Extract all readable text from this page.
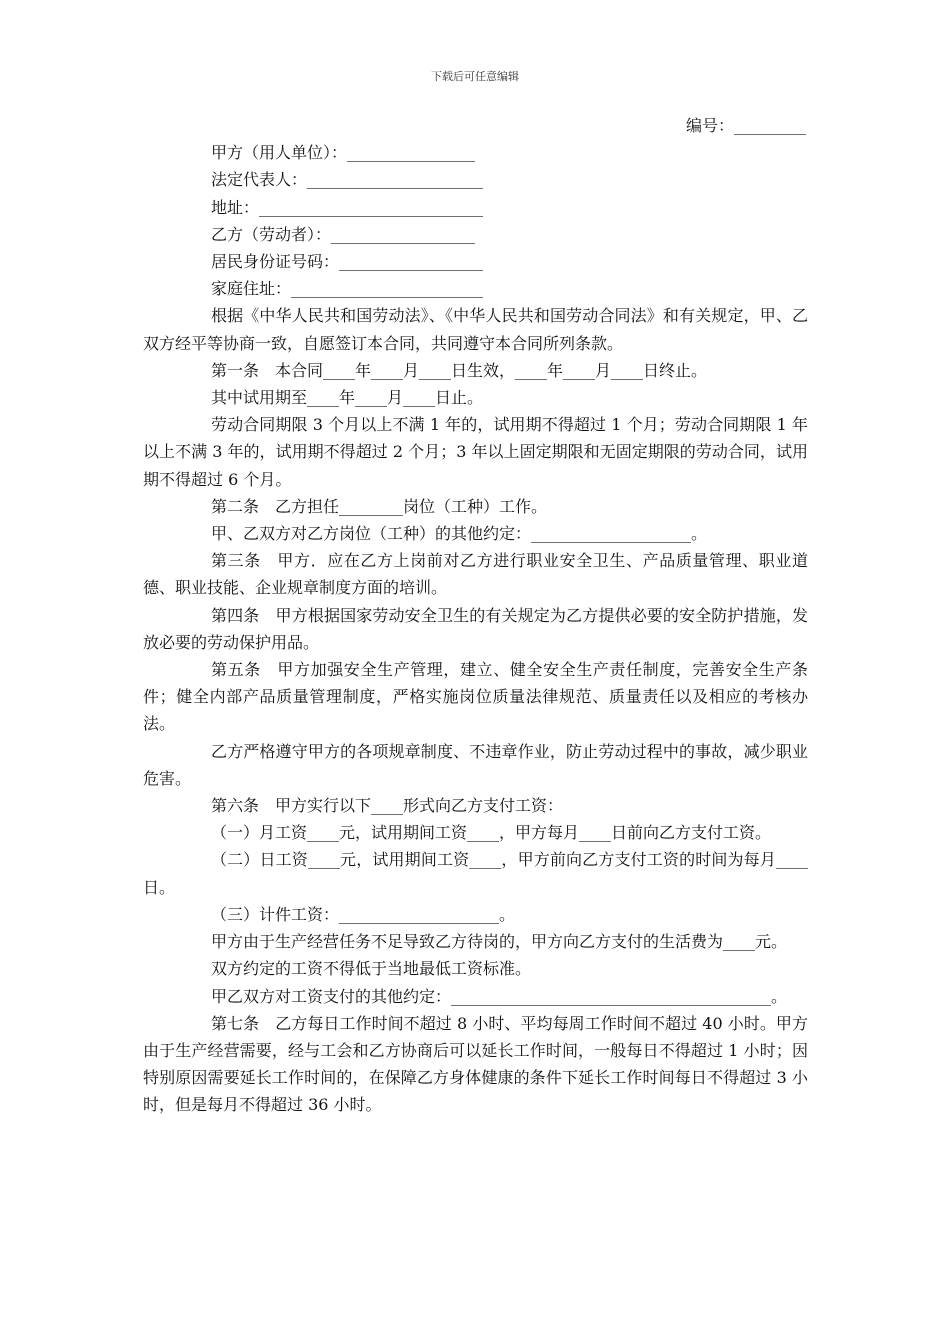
下载后可任意编辑
编号：_________
甲方（用人单位）：________________
法定代表人：______________________
地址：____________________________
乙方（劳动者）：__________________
居民身份证号码：__________________
家庭住址：________________________

根据《中华人民共和国劳动法》、《中华人民共和国劳动合同法》和有关规定，甲、乙双方经平等协商一致，自愿签订本合同，共同遵守本合同所列条款。

第一条　本合同____年____月____日生效，____年____月____日终止。

其中试用期至____年____月____日止。

劳动合同期限 3 个月以上不满 1 年的，试用期不得超过 1 个月；劳动合同期限 1 年以上不满 3 年的，试用期不得超过 2 个月；3 年以上固定期限和无固定期限的劳动合同，试用期不得超过 6 个月。

第二条　乙方担任________岗位（工种）工作。

甲、乙双方对乙方岗位（工种）的其他约定：____________________。

第三条　甲方．应在乙方上岗前对乙方进行职业安全卫生、产品质量管理、职业道德、职业技能、企业规章制度方面的培训。

第四条　甲方根据国家劳动安全卫生的有关规定为乙方提供必要的安全防护措施，发放必要的劳动保护用品。

第五条　甲方加强安全生产管理，建立、健全安全生产责任制度，完善安全生产条件；健全内部产品质量管理制度，严格实施岗位质量法律规范、质量责任以及相应的考核办法。

乙方严格遵守甲方的各项规章制度、不违章作业，防止劳动过程中的事故，减少职业危害。

第六条　甲方实行以下____形式向乙方支付工资：

（一）月工资____元，试用期间工资____，甲方每月____日前向乙方支付工资。

（二）日工资____元，试用期间工资____，甲方前向乙方支付工资的时间为每月____日。

（三）计件工资：____________________。

甲方由于生产经营任务不足导致乙方待岗的，甲方向乙方支付的生活费为____元。

双方约定的工资不得低于当地最低工资标准。

甲乙双方对工资支付的其他约定：________________________________________。

第七条　乙方每日工作时间不超过 8 小时、平均每周工作时间不超过 40 小时。甲方由于生产经营需要，经与工会和乙方协商后可以延长工作时间，一般每日不得超过 1 小时；因特别原因需要延长工作时间的，在保障乙方身体健康的条件下延长工作时间每日不得超过 3 小时，但是每月不得超过 36 小时。
